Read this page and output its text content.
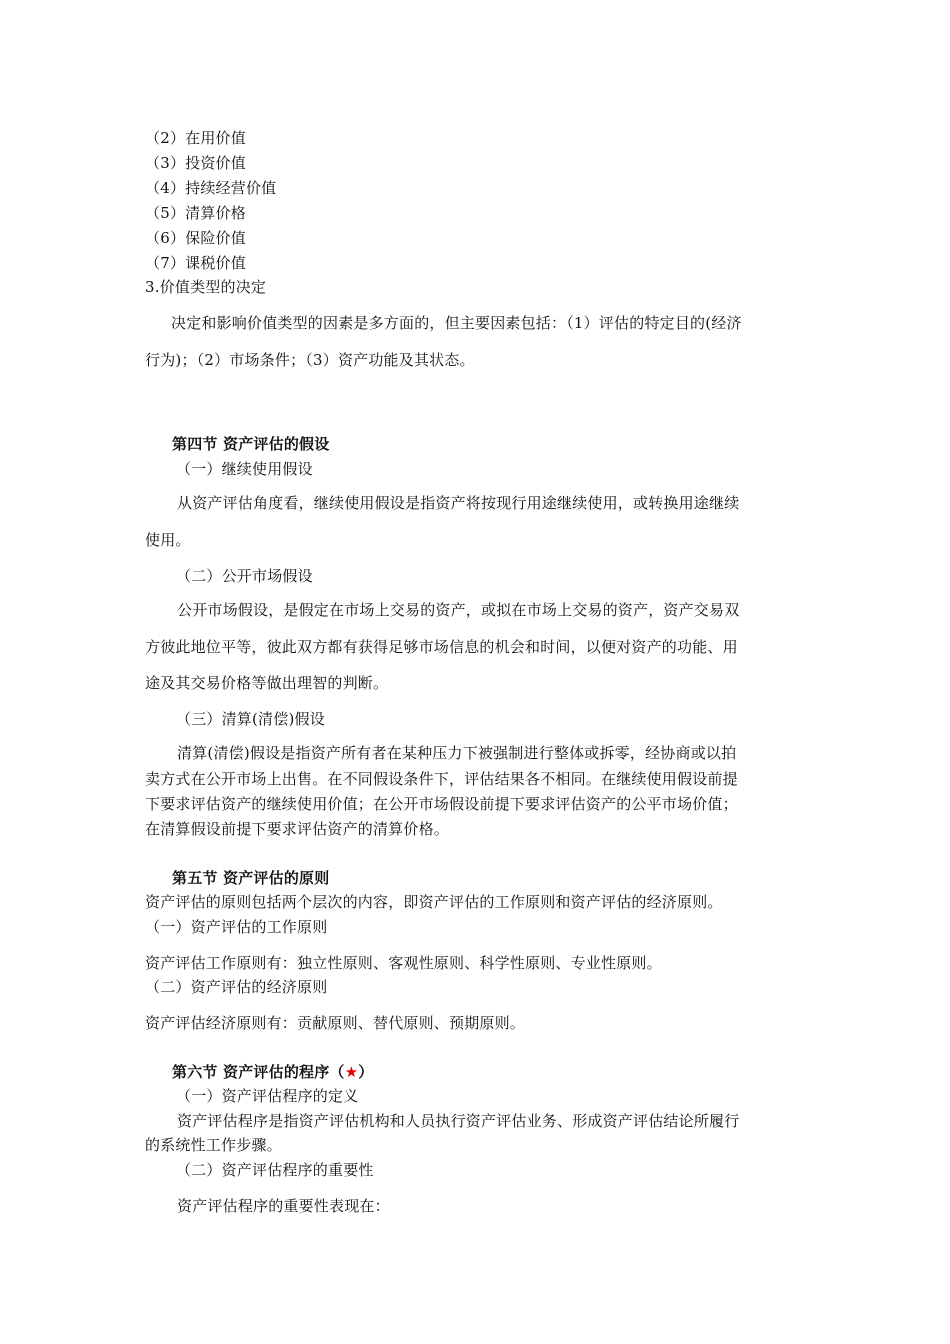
（2）在用价值
（3）投资价值
（4）持续经营价值
（5）清算价格
（6）保险价值
（7）课税价值
3.价值类型的决定
决定和影响价值类型的因素是多方面的，但主要因素包括：（1）评估的特定目的(经济
行为)；（2）市场条件；（3）资产功能及其状态。
第四节 资产评估的假设
（一）继续使用假设
从资产评估角度看，继续使用假设是指资产将按现行用途继续使用，或转换用途继续
使用。
（二）公开市场假设
公开市场假设，是假定在市场上交易的资产，或拟在市场上交易的资产，资产交易双
方彼此地位平等，彼此双方都有获得足够市场信息的机会和时间，以便对资产的功能、用
途及其交易价格等做出理智的判断。
（三）清算(清偿)假设
清算(清偿)假设是指资产所有者在某种压力下被强制进行整体或拆零，经协商或以拍
卖方式在公开市场上出售。在不同假设条件下，评估结果各不相同。在继续使用假设前提
下要求评估资产的继续使用价值；在公开市场假设前提下要求评估资产的公平市场价值；
在清算假设前提下要求评估资产的清算价格。
第五节 资产评估的原则
资产评估的原则包括两个层次的内容，即资产评估的工作原则和资产评估的经济原则。
（一）资产评估的工作原则
资产评估工作原则有：独立性原则、客观性原则、科学性原则、专业性原则。
（二）资产评估的经济原则
资产评估经济原则有：贡献原则、替代原则、预期原则。
第六节 资产评估的程序（★）
（一）资产评估程序的定义
资产评估程序是指资产评估机构和人员执行资产评估业务、形成资产评估结论所履行
的系统性工作步骤。
（二）资产评估程序的重要性
资产评估程序的重要性表现在：
